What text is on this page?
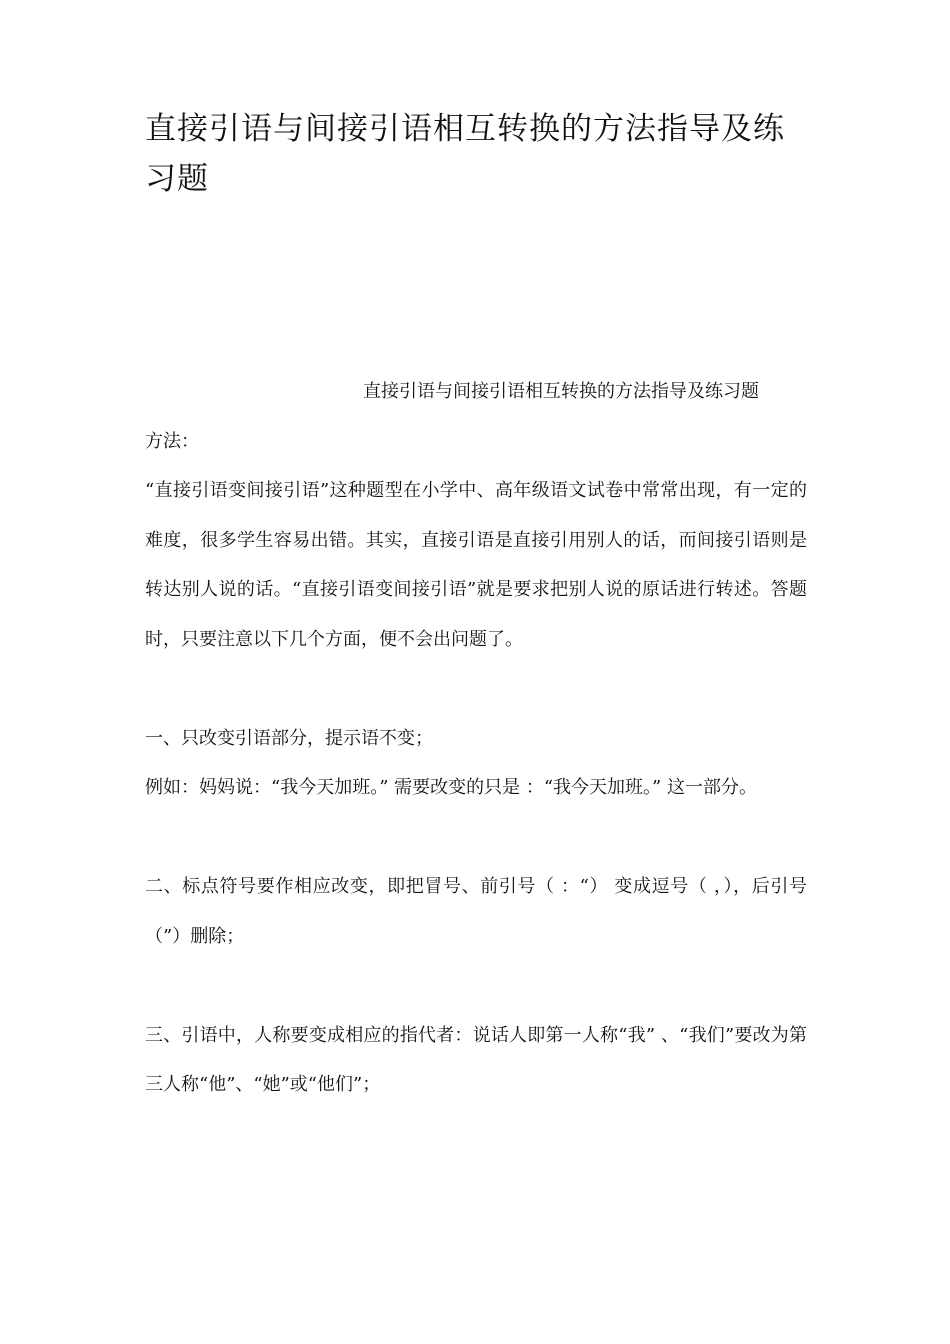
直接引语与间接引语相互转换的方法指导及练习题

直接引语与间接引语相互转换的方法指导及练习题

方法：

“直接引语变间接引语”这种题型在小学中、高年级语文试卷中常常出现，有一定的难度，很多学生容易出错。其实，直接引语是直接引用别人的话，而间接引语则是转达别人说的话。“直接引语变间接引语”就是要求把别人说的原话进行转述。答题时，只要注意以下几个方面，便不会出问题了。

一、只改变引语部分，提示语不变；

例如：妈妈说：“我今天加班。” 需要改变的只是 ：“我今天加班。” 这一部分。

二、标点符号要作相应改变，即把冒号、前引号（ ：“） 变成逗号（ ，），后引号（”）删除；

三、引语中，人称要变成相应的指代者：说话人即第一人称“我” 、“我们”要改为第三人称“他”、“她”或“他们”；
